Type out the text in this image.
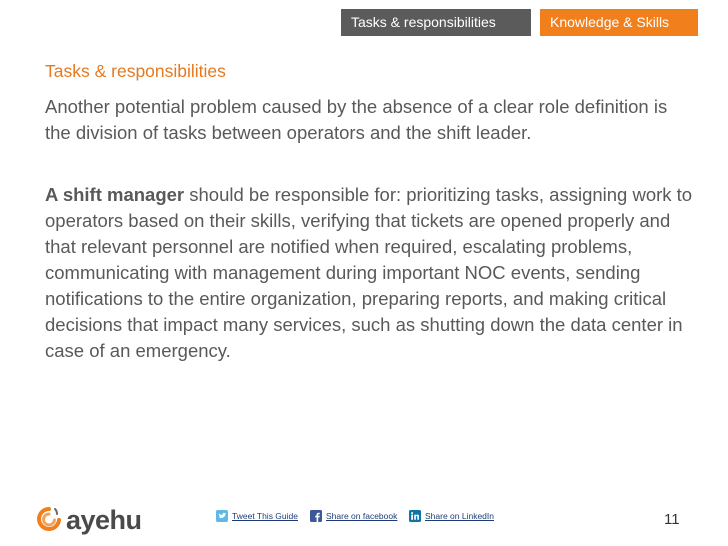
Tasks & responsibilities	Knowledge & Skills
Tasks & responsibilities

Another potential problem caused by the absence of a clear role definition is the division of tasks between operators and the shift leader.

A shift manager should be responsible for: prioritizing tasks, assigning work to operators based on their skills, verifying that tickets are opened properly and that relevant personnel are notified when required, escalating problems, communicating with management during important NOC events, sending notifications to the entire organization, preparing reports, and making critical decisions that impact many services, such as shutting down the data center in case of an emergency.

ayehu	Tweet This Guide	Share on facebook	Share on LinkedIn	11
